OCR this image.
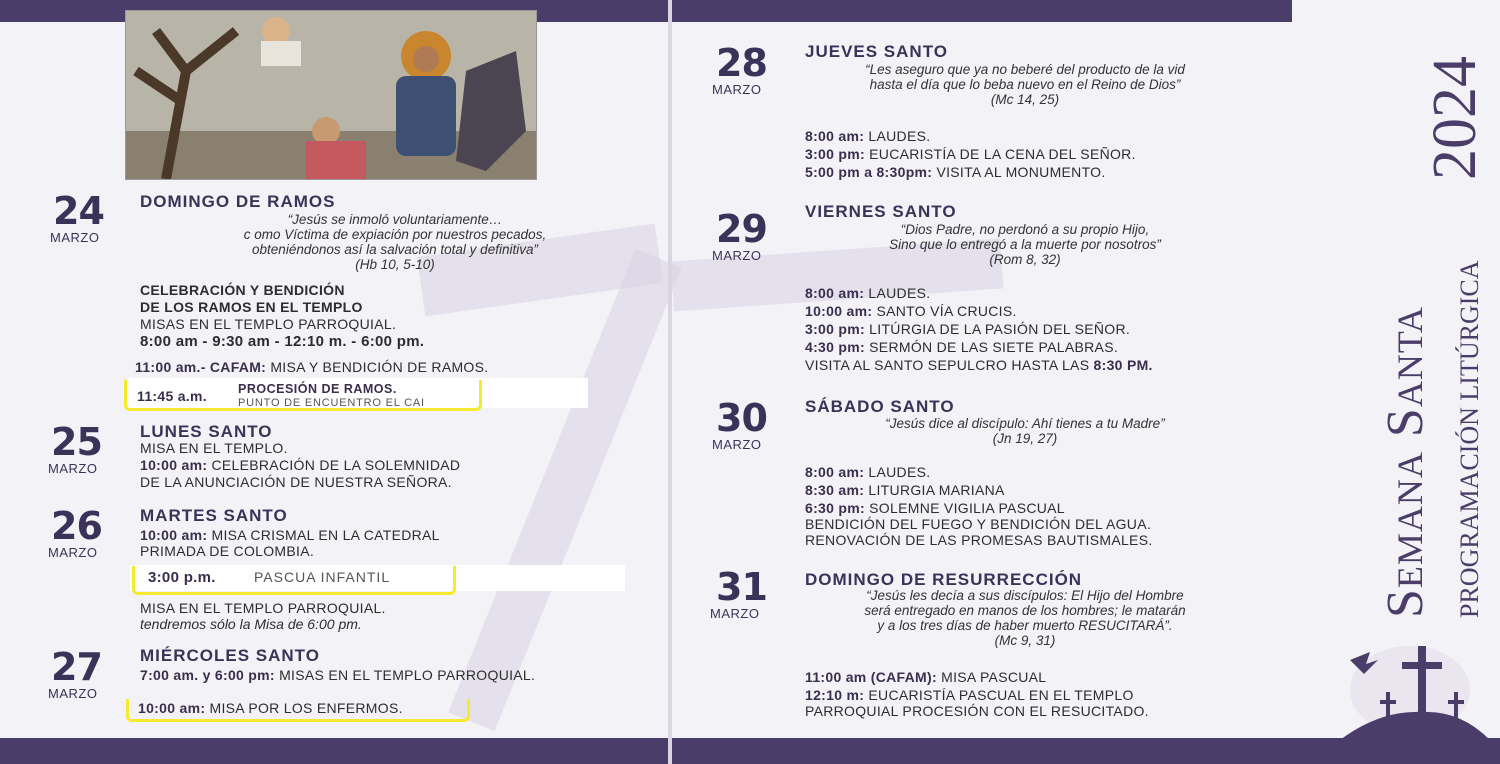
24
MARZO
DOMINGO DE RAMOS
“Jesús se inmoló voluntariamente…
c omo Víctima de expiación por nuestros pecados,
obteniéndonos así la salvación total y definitiva”
(Hb 10, 5-10)
CELEBRACIÓN Y BENDICIÓN
DE LOS RAMOS EN EL TEMPLO
MISAS EN EL TEMPLO PARROQUIAL.
8:00 am - 9:30 am - 12:10 m. - 6:00 pm.
11:00 am.- CAFAM: MISA Y BENDICIÓN DE RAMOS.
11:45 a.m. PROCESIÓN DE RAMOS.
PUNTO DE ENCUENTRO EL CAI
25
MARZO
LUNES SANTO
MISA EN EL TEMPLO.
10:00 am: CELEBRACIÓN DE LA SOLEMNIDAD
DE LA ANUNCIACIÓN DE NUESTRA SEÑORA.
26
MARZO
MARTES SANTO
10:00 am: MISA CRISMAL EN LA CATEDRAL
PRIMADA DE COLOMBIA.
3:00 p.m.	PASCUA INFANTIL
MISA EN EL TEMPLO PARROQUIAL.
tendremos sólo la Misa de 6:00 pm.
27
MARZO
MIÉRCOLES SANTO
7:00 am. y 6:00 pm: MISAS EN EL TEMPLO PARROQUIAL.
10:00 am: MISA POR LOS ENFERMOS.
28
MARZO
JUEVES SANTO
“Les aseguro que ya no beberé del producto de la vid
hasta el día que lo beba nuevo en el Reino de Dios”
(Mc 14, 25)
8:00 am: LAUDES.
3:00 pm: EUCARISTÍA DE LA CENA DEL SEÑOR.
5:00 pm a 8:30pm: VISITA AL MONUMENTO.
29
MARZO
VIERNES SANTO
“Dios Padre, no perdonó a su propio Hijo,
Sino que lo entregó a la muerte por nosotros”
(Rom 8, 32)
8:00 am: LAUDES.
10:00 am: SANTO VÍA CRUCIS.
3:00 pm: LITÚRGIA DE LA PASIÓN DEL SEÑOR.
4:30 pm: SERMÓN DE LAS SIETE PALABRAS.
VISITA AL SANTO SEPULCRO HASTA LAS 8:30 PM.
30
MARZO
SÁBADO SANTO
“Jesús dice al discípulo: Ahí tienes a tu Madre”
(Jn 19, 27)
8:00 am: LAUDES.
8:30 am: LITURGIA MARIANA
6:30 pm: SOLEMNE VIGILIA PASCUAL
BENDICIÓN DEL FUEGO Y BENDICIÓN DEL AGUA.
RENOVACIÓN DE LAS PROMESAS BAUTISMALES.
31
MARZO
DOMINGO DE RESURRECCIÓN
“Jesús les decía a sus discípulos: El Hijo del Hombre
será entregado en manos de los hombres; le matarán
y a los tres días de haber muerto RESUCITARÁ”.
(Mc 9, 31)
11:00 am (CAFAM): MISA PASCUAL
12:10 m: EUCARISTÍA PASCUAL EN EL TEMPLO
PARROQUIAL PROCESIÓN CON EL RESUCITADO.
Semana Santa
2024
PROGRAMACIÓN LITÚRGICA
